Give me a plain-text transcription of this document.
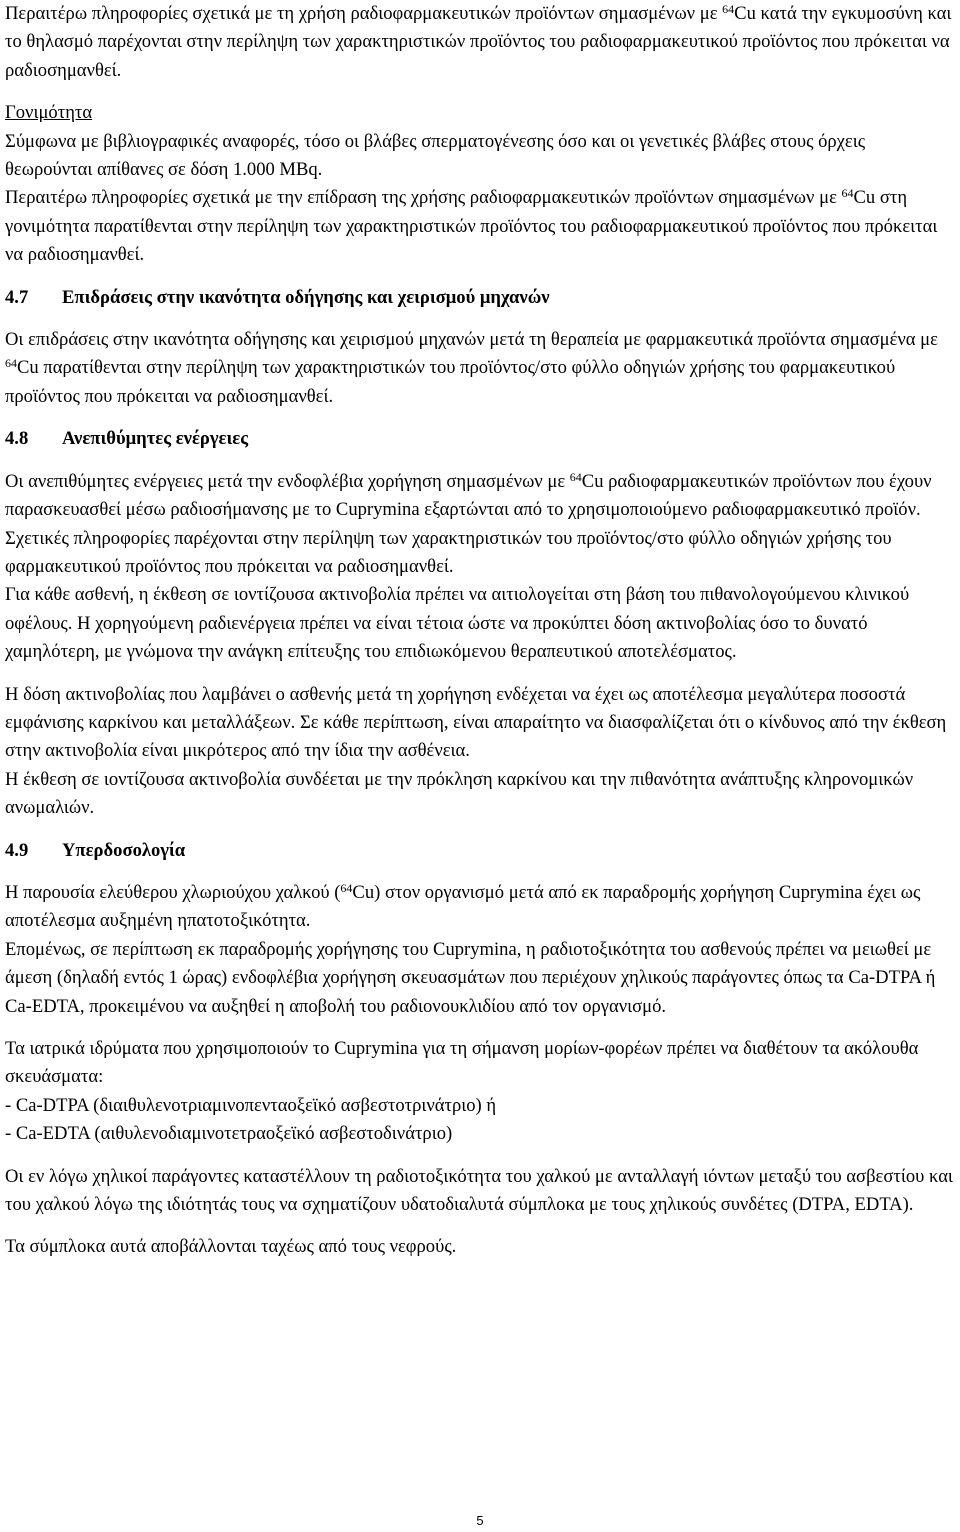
Περαιτέρω πληροφορίες σχετικά με τη χρήση ραδιοφαρμακευτικών προϊόντων σημασμένων με $^{64}$Cu κατά την εγκυμοσύνη και το θηλασμό παρέχονται στην περίληψη των χαρακτηριστικών προϊόντος του ραδιοφαρμακευτικού προϊόντος που πρόκειται να ραδιοσημανθεί.

Γονιμότητα

Σύμφωνα με βιβλιογραφικές αναφορές, τόσο οι βλάβες σπερματογένεσης όσο και οι γενετικές βλάβες στους όρχεις θεωρούνται απίθανες σε δόση 1.000 MBq.

Περαιτέρω πληροφορίες σχετικά με την επίδραση της χρήσης ραδιοφαρμακευτικών προϊόντων σημασμένων με $^{64}$Cu στη γονιμότητα παρατίθενται στην περίληψη των χαρακτηριστικών προϊόντος του ραδιοφαρμακευτικού προϊόντος που πρόκειται να ραδιοσημανθεί.

4.7 Επιδράσεις στην ικανότητα οδήγησης και χειρισμού μηχανών

Οι επιδράσεις στην ικανότητα οδήγησης και χειρισμού μηχανών μετά τη θεραπεία με φαρμακευτικά προϊόντα σημασμένα με $^{64}$Cu παρατίθενται στην περίληψη των χαρακτηριστικών του προϊόντος/στο φύλλο οδηγιών χρήσης του φαρμακευτικού προϊόντος που πρόκειται να ραδιοσημανθεί.

4.8 Ανεπιθύμητες ενέργειες

Οι ανεπιθύμητες ενέργειες μετά την ενδοφλέβια χορήγηση σημασμένων με $^{64}$Cu ραδιοφαρμακευτικών προϊόντων που έχουν παρασκευασθεί μέσω ραδιοσήμανσης με το Cuprymina εξαρτώνται από το χρησιμοποιούμενο ραδιοφαρμακευτικό προϊόν. Σχετικές πληροφορίες παρέχονται στην περίληψη των χαρακτηριστικών του προϊόντος/στο φύλλο οδηγιών χρήσης του φαρμακευτικού προϊόντος που πρόκειται να ραδιοσημανθεί.

Για κάθε ασθενή, η έκθεση σε ιοντίζουσα ακτινοβολία πρέπει να αιτιολογείται στη βάση του πιθανολογούμενου κλινικού οφέλους. Η χορηγούμενη ραδιενέργεια πρέπει να είναι τέτοια ώστε να προκύπτει δόση ακτινοβολίας όσο το δυνατό χαμηλότερη, με γνώμονα την ανάγκη επίτευξης του επιδιωκόμενου θεραπευτικού αποτελέσματος.

Η δόση ακτινοβολίας που λαμβάνει ο ασθενής μετά τη χορήγηση ενδέχεται να έχει ως αποτέλεσμα μεγαλύτερα ποσοστά εμφάνισης καρκίνου και μεταλλάξεων. Σε κάθε περίπτωση, είναι απαραίτητο να διασφαλίζεται ότι ο κίνδυνος από την έκθεση στην ακτινοβολία είναι μικρότερος από την ίδια την ασθένεια.

Η έκθεση σε ιοντίζουσα ακτινοβολία συνδέεται με την πρόκληση καρκίνου και την πιθανότητα ανάπτυξης κληρονομικών ανωμαλιών.

4.9 Υπερδοσολογία

Η παρουσία ελεύθερου χλωριούχου χαλκού ($^{64}$Cu) στον οργανισμό μετά από εκ παραδρομής χορήγηση Cuprymina έχει ως αποτέλεσμα αυξημένη ηπατοτοξικότητα.

Επομένως, σε περίπτωση εκ παραδρομής χορήγησης του Cuprymina, η ραδιοτοξικότητα του ασθενούς πρέπει να μειωθεί με άμεση (δηλαδή εντός 1 ώρας) ενδοφλέβια χορήγηση σκευασμάτων που περιέχουν χηλικούς παράγοντες όπως τα Ca-DTPA ή Ca-EDTA, προκειμένου να αυξηθεί η αποβολή του ραδιονουκλιδίου από τον οργανισμό.

Τα ιατρικά ιδρύματα που χρησιμοποιούν το Cuprymina για τη σήμανση μορίων-φορέων πρέπει να διαθέτουν τα ακόλουθα σκευάσματα:

- Ca-DTPA (διαιθυλενοτριαμινοπενταοξεϊκό ασβεστοτρινάτριο) ή

- Ca-EDTA (αιθυλενοδιαμινοτετραοξεϊκό ασβεστοδινάτριο)

Οι εν λόγω χηλικοί παράγοντες καταστέλλουν τη ραδιοτοξικότητα του χαλκού με ανταλλαγή ιόντων μεταξύ του ασβεστίου και του χαλκού λόγω της ιδιότητάς τους να σχηματίζουν υδατοδιαλυτά σύμπλοκα με τους χηλικούς συνδέτες (DTPA, EDTA).

Τα σύμπλοκα αυτά αποβάλλονται ταχέως από τους νεφρούς.

5
